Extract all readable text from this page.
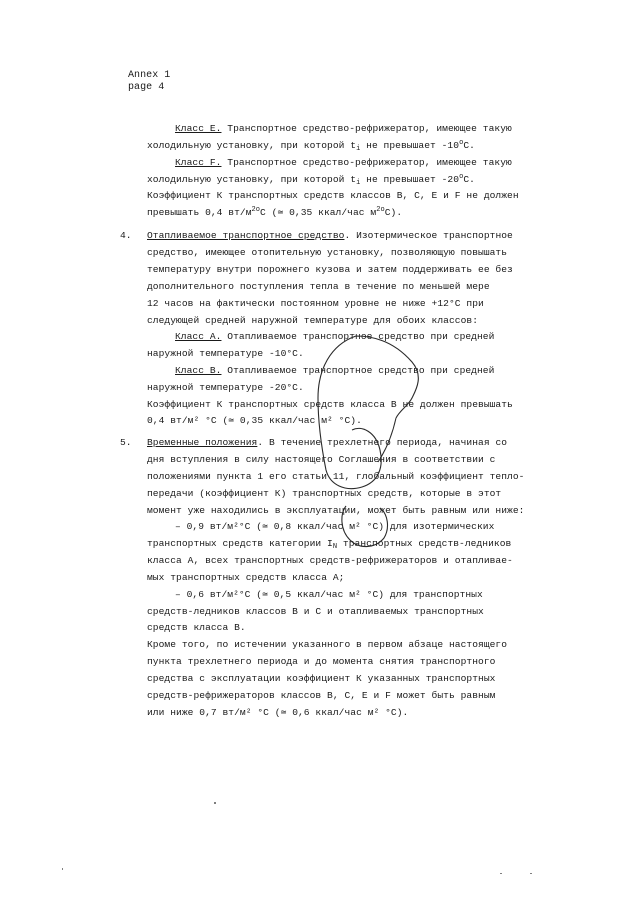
Annex 1
page 4
Класс E. Транспортное средство-рефрижератор, имеющее такую
холодильную установку, при которой $t_i$ не превышает -10$^o$C.
Класс F. Транспортное средство-рефрижератор, имеющее такую
холодильную установку, при которой $t_i$ не превышает -20$^o$C.
Коэффициент К транспортных средств классов B, C, E и F не должен
превышать 0,4 $вт/м^{2o}C$ (≃ 0,35 ккал/час $м^{2o}C$).
4. Отапливаемое транспортное средство. Изотермическое транспортное
средство, имеющее отопительную установку, позволяющую повышать
температуру внутри порожнего кузова и затем поддерживать ее без
дополнительного поступления тепла в течение по меньшей мере
12 часов на фактически постоянном уровне не ниже +12°C при
следующей средней наружной температуре для обоих классов:
Класс A. Отапливаемое транспортное средство при средней
наружной температуре -10°C.
Класс B. Отапливаемое транспортное средство при средней
наружной температуре -20°C.
Коэффициент К транспортных средств класса B не должен превышать
0,4 вт/м² °C (≃ 0,35 ккал/час м² °C).
5. Временные положения. В течение трехлетнего периода, начиная со
дня вступления в силу настоящего Соглашения в соответствии с
положениями пункта 1 его статьи 11, глобальный коэффициент тепло-
передачи (коэффициент К) транспортных средств, которые в этот
момент уже находились в эксплуатации, может быть равным или ниже:
– 0,9 вт/м²°C (≃ 0,8 ккал/час м² °C) для изотермических
транспортных средств категории $I_N$ транспортных средств-ледников
класса A, всех транспортных средств-рефрижераторов и отапливае-
мых транспортных средств класса A;
– 0,6 вт/м²°C (≃ 0,5 ккал/час м² °C) для транспортных
средств-ледников классов B и C и отапливаемых транспортных
средств класса B.
Кроме того, по истечении указанного в первом абзаце настоящего
пункта трехлетнего периода и до момента снятия транспортного
средства с эксплуатации коэффициент К указанных транспортных
средств-рефрижераторов классов B, C, E и F может быть равным
или ниже 0,7 вт/м² °C (≃ 0,6 ккал/час м² °C).
